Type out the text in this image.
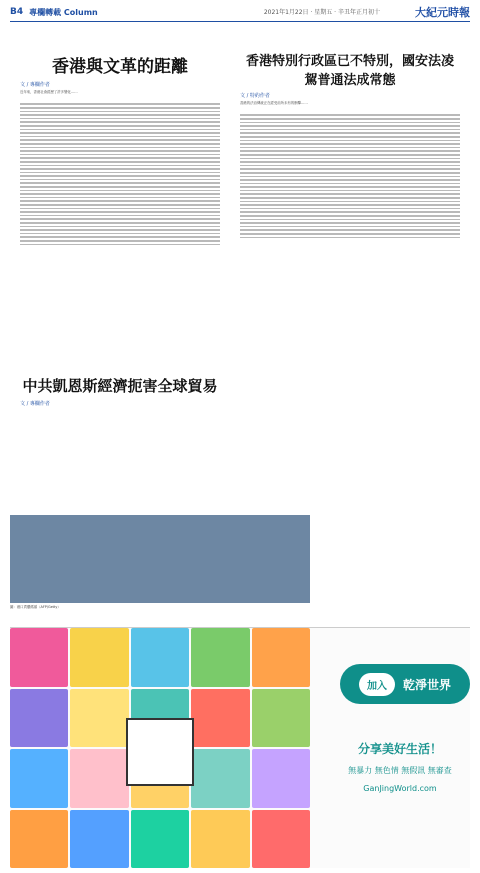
B4 專欄轉載 Column	2021年1月22日 · 星期五 · 辛丑年正月初十	大紀元時報
香港與文革的距離
文 / 專欄作者
近年來，香港社會經歷了許多變化……
香港特別行政區已不特別，國安法凌駕普通法成常態
文 / 特約作者
香港的法治傳統正在經受前所未有的衝擊……
中共凱恩斯經濟扼害全球貿易
文 / 專欄作者
圖：港口貨櫃碼頭（AFP/Getty）
加入	乾淨世界
分享美好生活！
無暴力 無色情 無假訊 無審查
GanJingWorld.com
